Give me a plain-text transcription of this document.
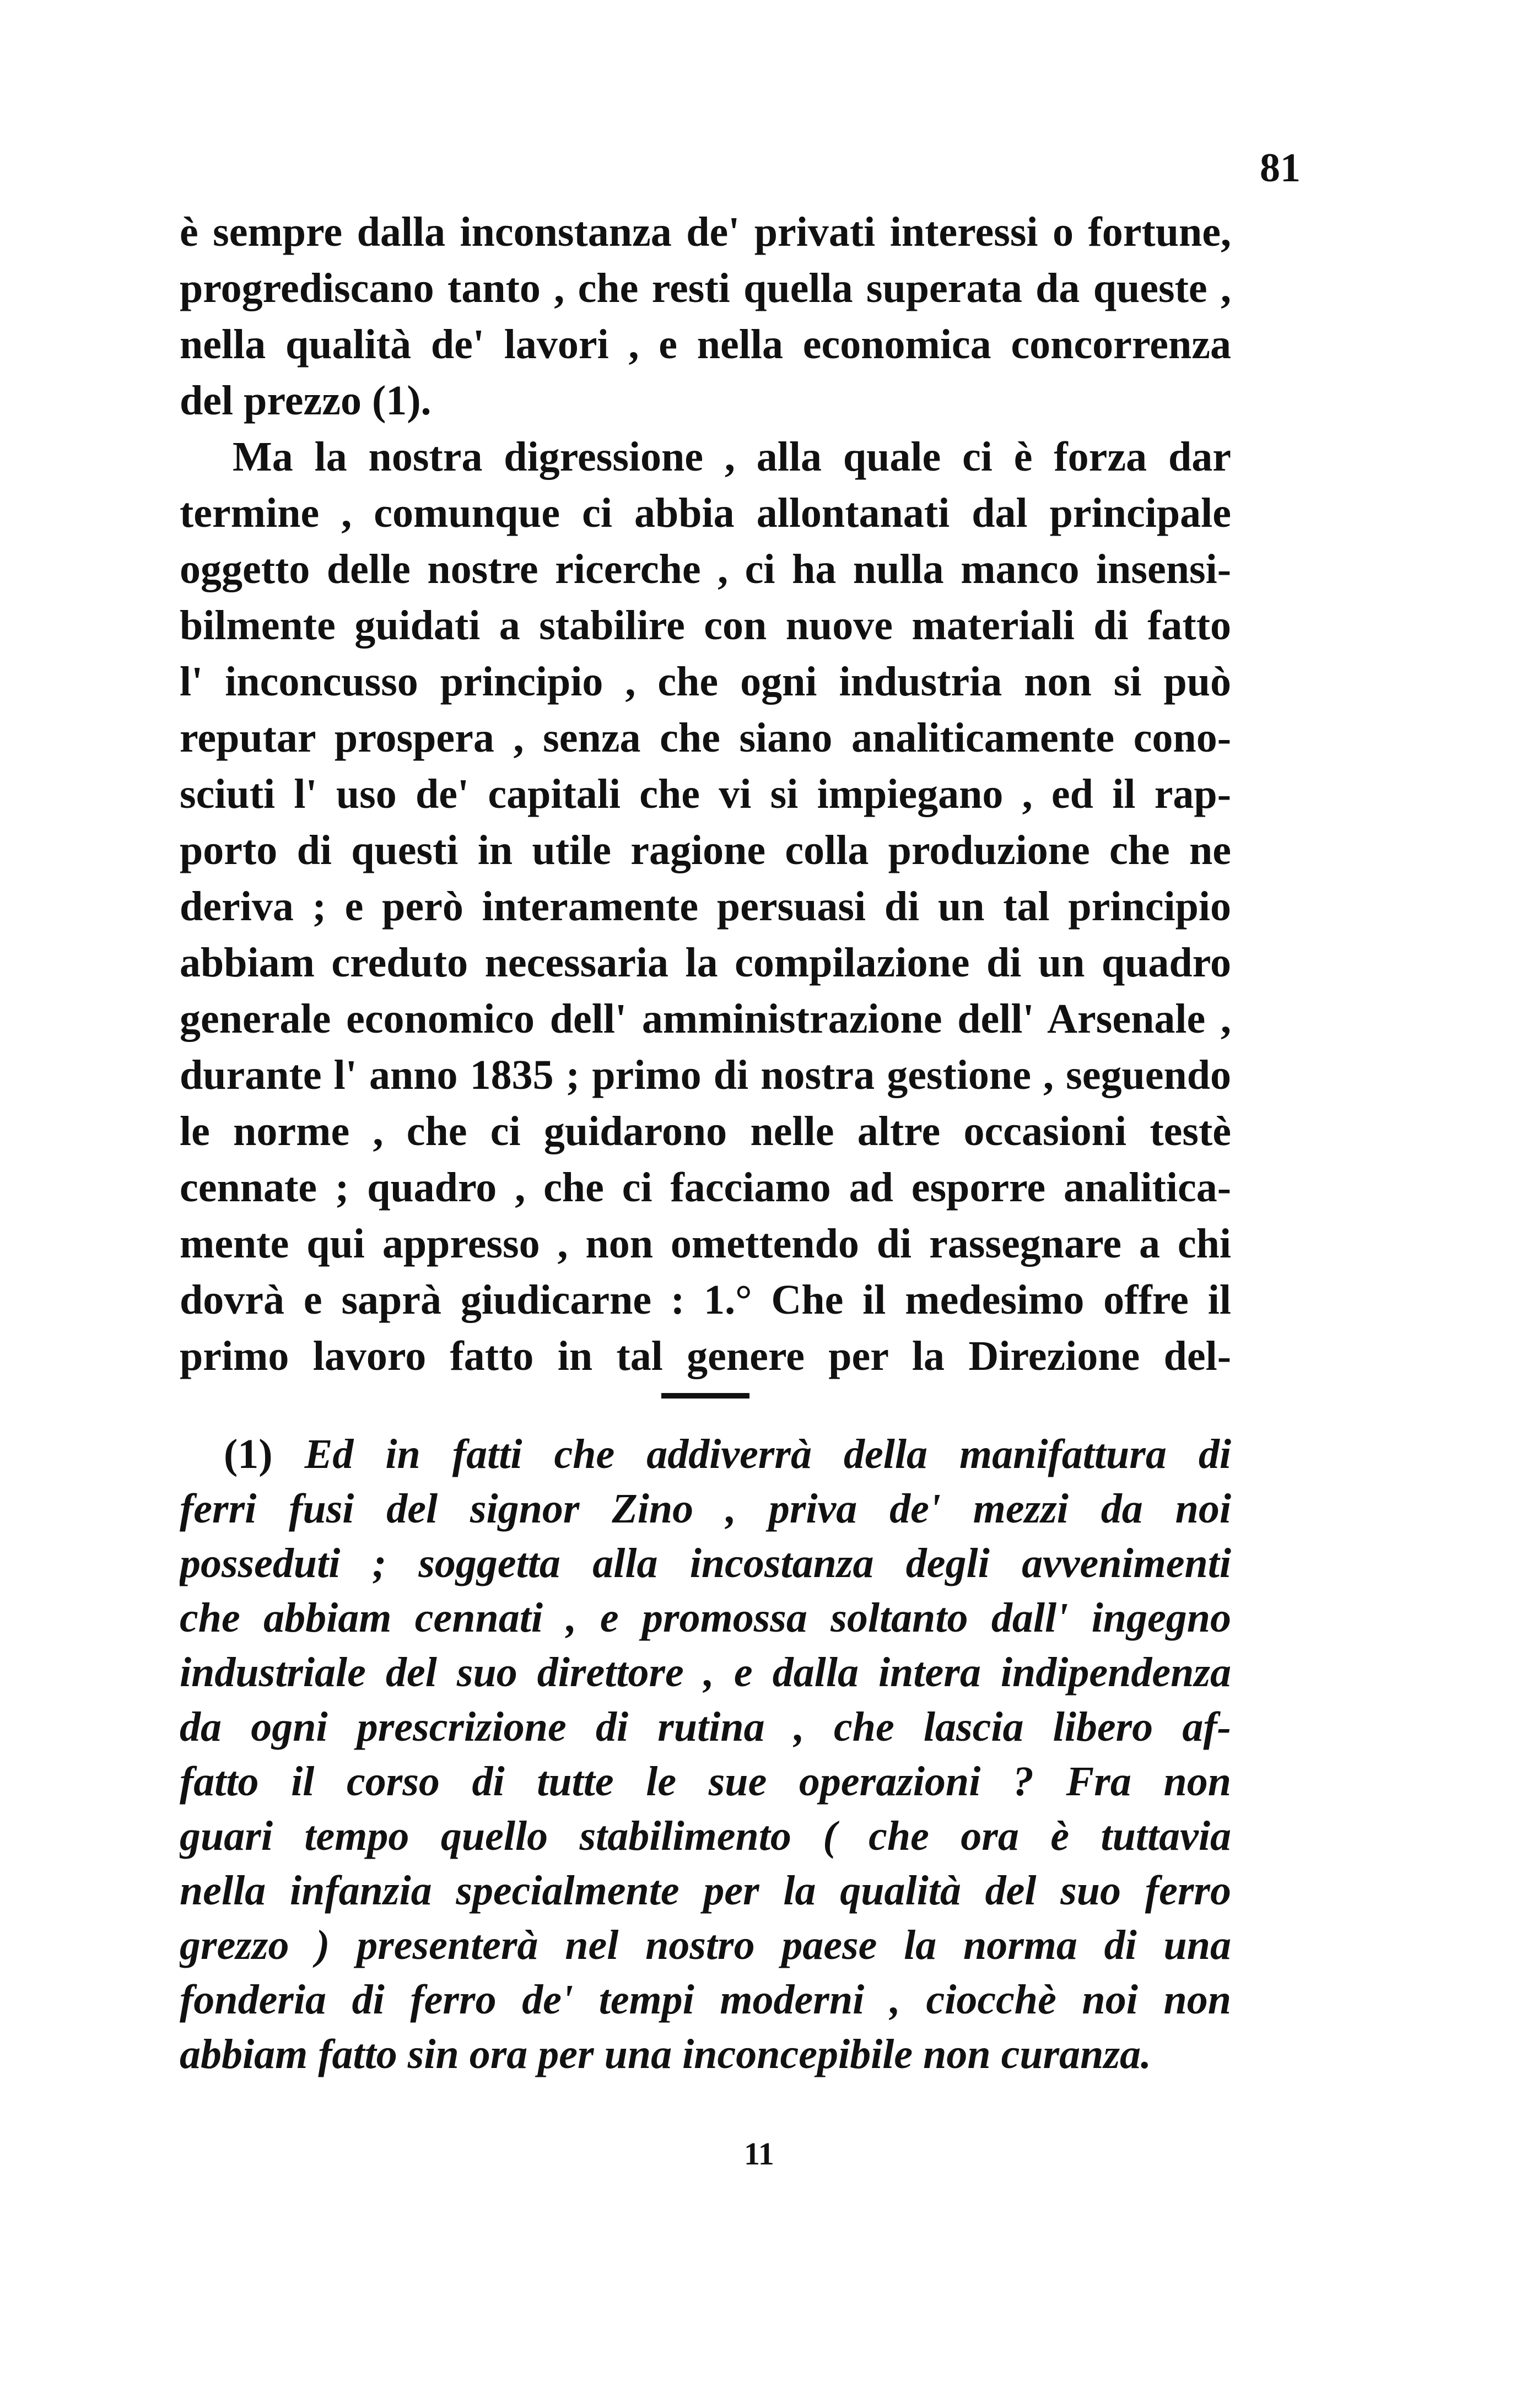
81
è sempre dalla inconstanza de' privati interessi o fortune,
progrediscano tanto , che resti quella superata da queste ,
nella qualità de' lavori , e nella economica concorrenza
del prezzo (1).
Ma la nostra digressione , alla quale ci è forza dar
termine , comunque ci abbia allontanati dal principale
oggetto delle nostre ricerche , ci ha nulla manco insensi-
bilmente guidati a stabilire con nuove materiali di fatto
l' inconcusso principio , che ogni industria non si può
reputar prospera , senza che siano analiticamente cono-
sciuti l' uso de' capitali che vi si impiegano , ed il rap-
porto di questi in utile ragione colla produzione che ne
deriva ; e però interamente persuasi di un tal principio
abbiam creduto necessaria la compilazione di un quadro
generale economico dell' amministrazione dell' Arsenale ,
durante l' anno 1835 ; primo di nostra gestione , seguendo
le norme , che ci guidarono nelle altre occasioni testè
cennate ; quadro , che ci facciamo ad esporre analitica-
mente qui appresso , non omettendo di rassegnare a chi
dovrà e saprà giudicarne : 1.° Che il medesimo offre il
primo lavoro fatto in tal genere per la Direzione del-
(1) Ed in fatti che addiverrà della manifattura di
ferri fusi del signor Zino , priva de' mezzi da noi
posseduti ; soggetta alla incostanza degli avvenimenti
che abbiam cennati , e promossa soltanto dall' ingegno
industriale del suo direttore , e dalla intera indipendenza
da ogni prescrizione di rutina , che lascia libero af-
fatto il corso di tutte le sue operazioni ? Fra non
guari tempo quello stabilimento ( che ora è tuttavia
nella infanzia specialmente per la qualità del suo ferro
grezzo ) presenterà nel nostro paese la norma di una
fonderia di ferro de' tempi moderni , ciocchè noi non
abbiam fatto sin ora per una inconcepibile non curanza.
11
